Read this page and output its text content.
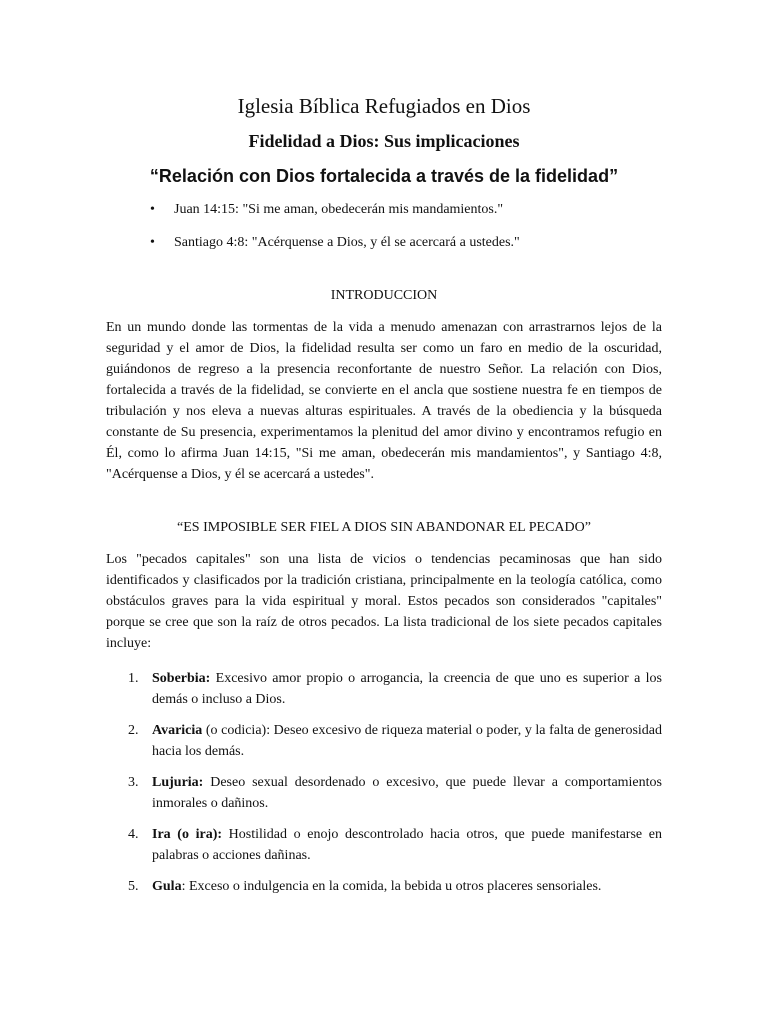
Iglesia Bíblica Refugiados en Dios
Fidelidad a Dios: Sus implicaciones
“Relación con Dios fortalecida a través de la fidelidad”
• Juan 14:15: "Si me aman, obedecerán mis mandamientos."
• Santiago 4:8: "Acérquense a Dios, y él se acercará a ustedes."
INTRODUCCION

En un mundo donde las tormentas de la vida a menudo amenazan con arrastrarnos lejos de la seguridad y el amor de Dios, la fidelidad resulta ser como un faro en medio de la oscuridad, guiándonos de regreso a la presencia reconfortante de nuestro Señor. La relación con Dios, fortalecida a través de la fidelidad, se convierte en el ancla que sostiene nuestra fe en tiempos de tribulación y nos eleva a nuevas alturas espirituales. A través de la obediencia y la búsqueda constante de Su presencia, experimentamos la plenitud del amor divino y encontramos refugio en Él, como lo afirma Juan 14:15, "Si me aman, obedecerán mis mandamientos", y Santiago 4:8, "Acérquense a Dios, y él se acercará a ustedes".

“ES IMPOSIBLE SER FIEL A DIOS SIN ABANDONAR EL PECADO”

Los "pecados capitales" son una lista de vicios o tendencias pecaminosas que han sido identificados y clasificados por la tradición cristiana, principalmente en la teología católica, como obstáculos graves para la vida espiritual y moral. Estos pecados son considerados "capitales" porque se cree que son la raíz de otros pecados. La lista tradicional de los siete pecados capitales incluye:

1. Soberbia: Excesivo amor propio o arrogancia, la creencia de que uno es superior a los demás o incluso a Dios.
2. Avaricia (o codicia): Deseo excesivo de riqueza material o poder, y la falta de generosidad hacia los demás.
3. Lujuria: Deseo sexual desordenado o excesivo, que puede llevar a comportamientos inmorales o dañinos.
4. Ira (o ira): Hostilidad o enojo descontrolado hacia otros, que puede manifestarse en palabras o acciones dañinas.
5. Gula: Exceso o indulgencia en la comida, la bebida u otros placeres sensoriales.
